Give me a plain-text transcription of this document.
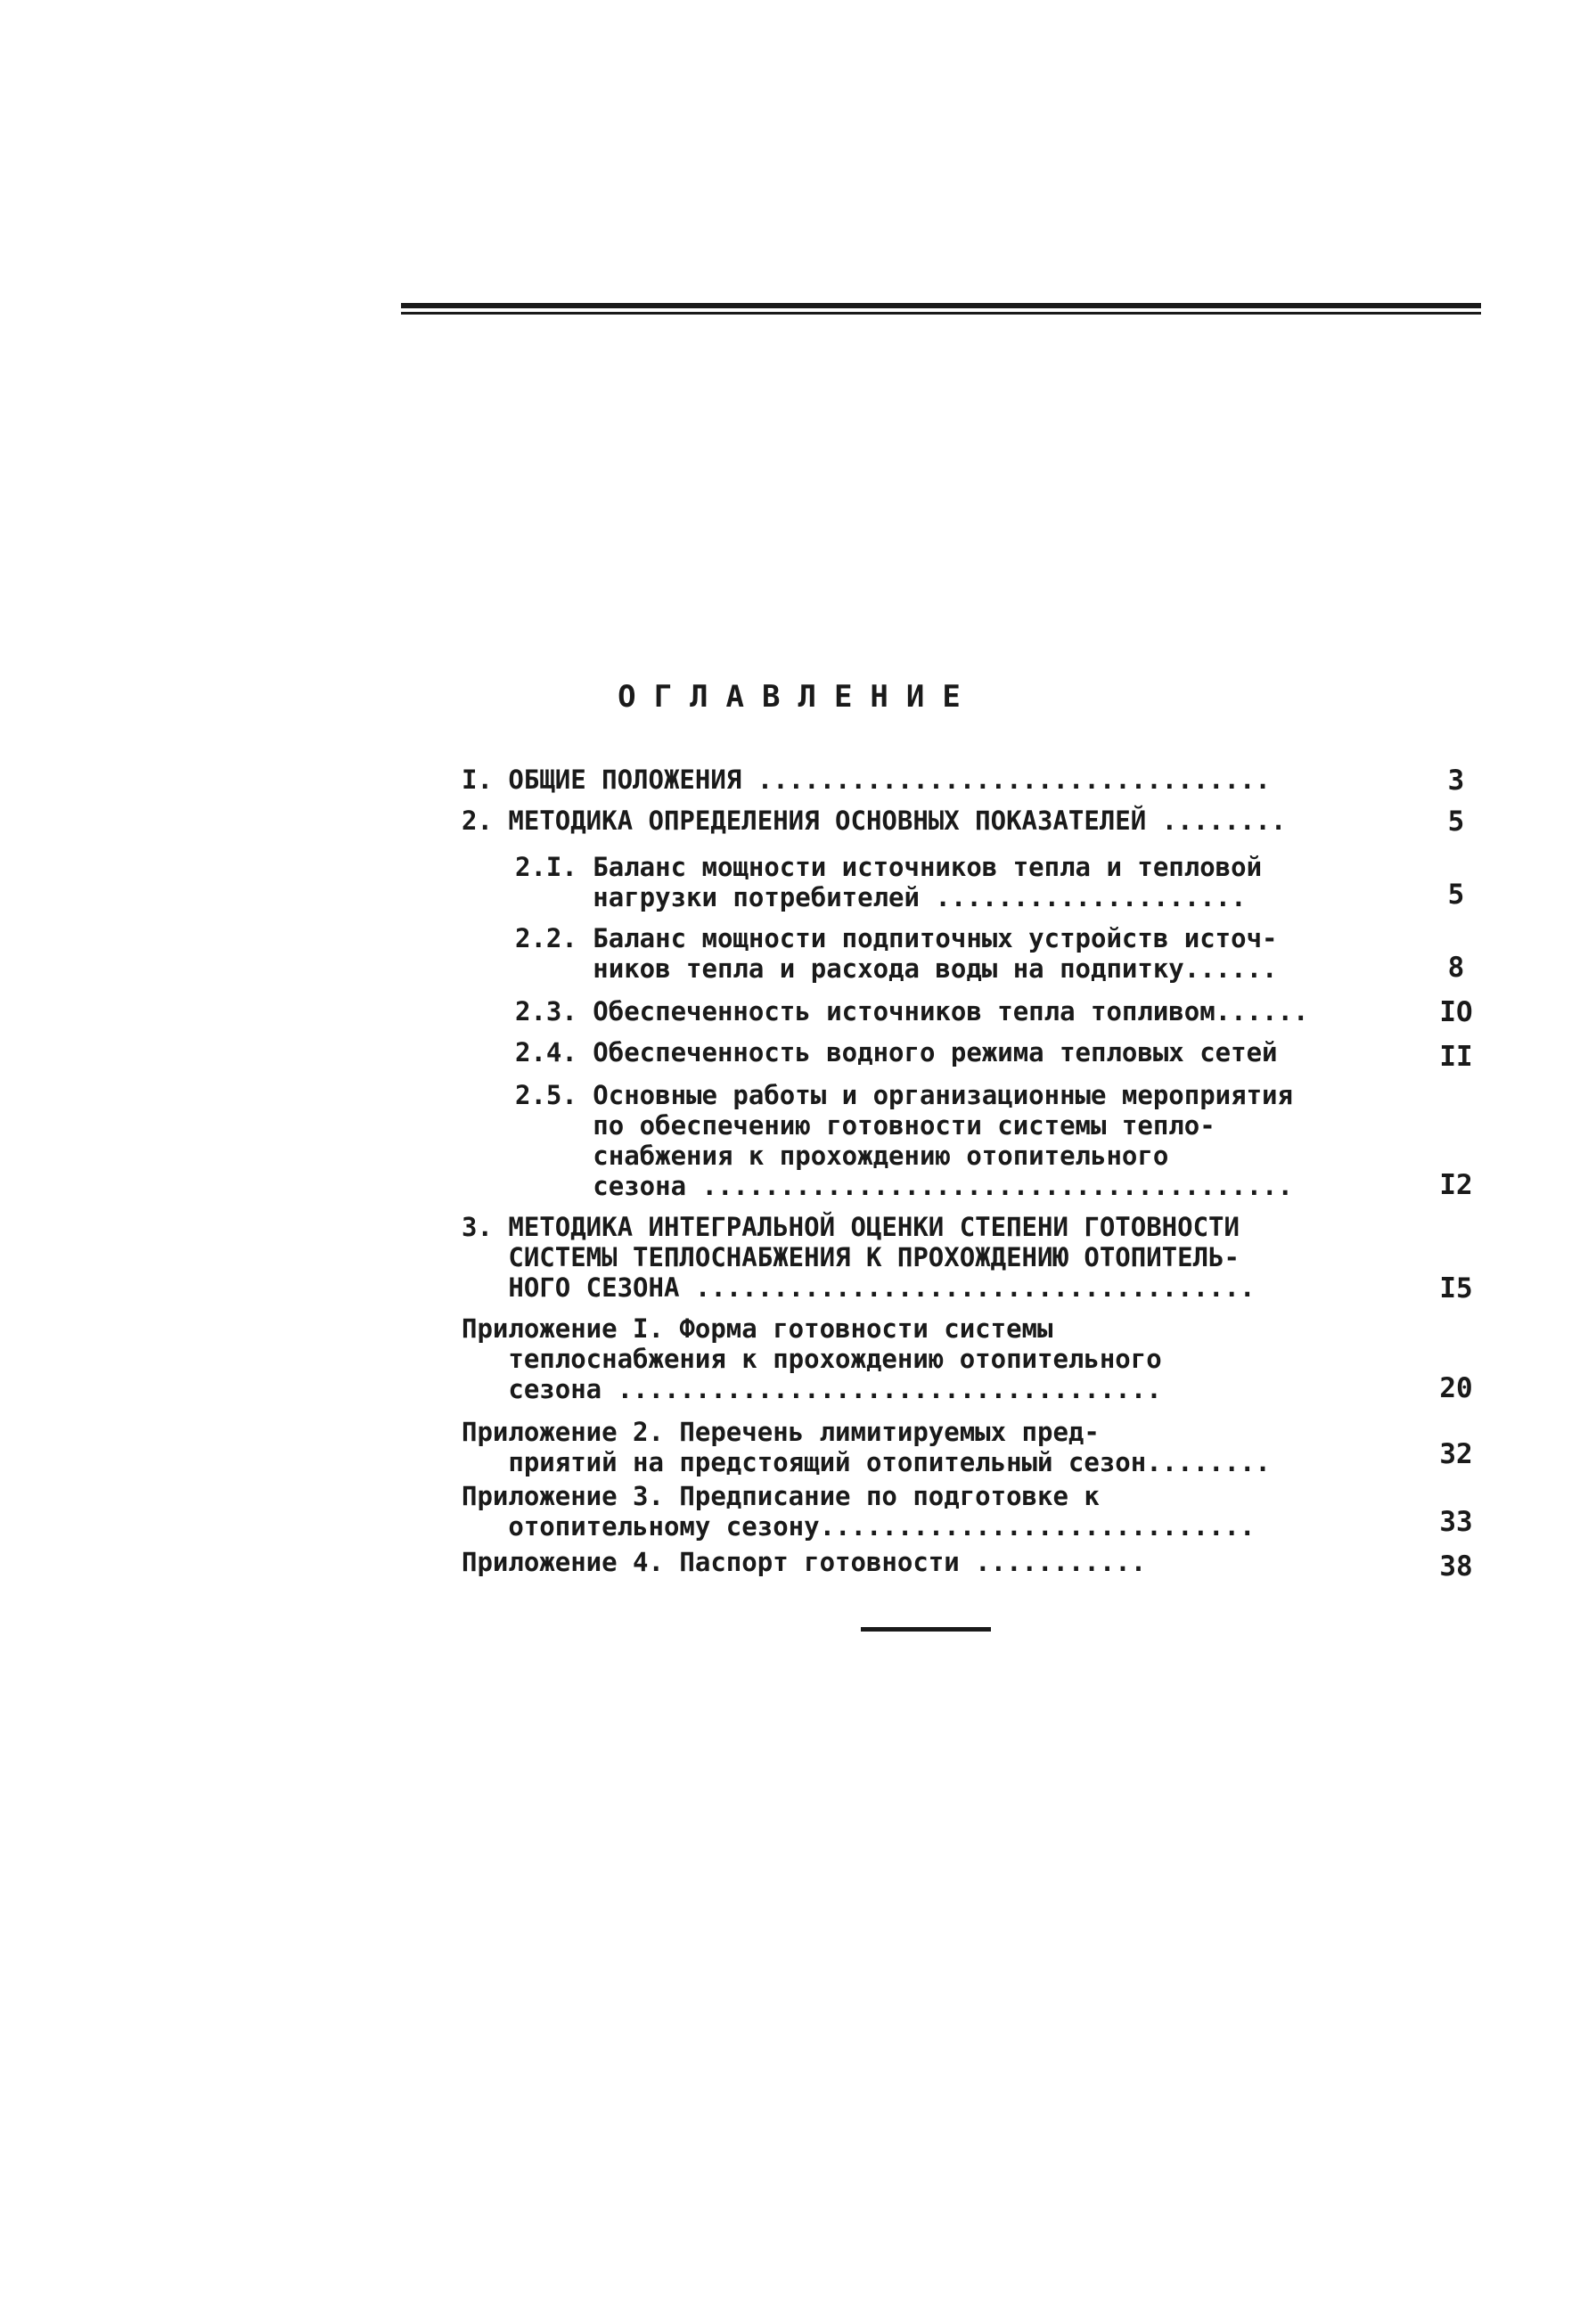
ОГЛАВЛЕНИЕ
I. ОБЩИЕ ПОЛОЖЕНИЯ .................................	3
2. МЕТОДИКА ОПРЕДЕЛЕНИЯ ОСНОВНЫХ ПОКАЗАТЕЛЕЙ ........	5
2.I. Баланс мощности источников тепла и тепловой
нагрузки потребителей ....................	5
2.2. Баланс мощности подпиточных устройств источ-
ников тепла и расхода воды на подпитку......	8
2.3. Обеспеченность источников тепла топливом......	IO
2.4. Обеспеченность водного режима тепловых сетей	II
2.5. Основные работы и организационные мероприятия
по обеспечению готовности системы тепло-
снабжения к прохождению отопительного
сезона ......................................	I2
3. МЕТОДИКА ИНТЕГРАЛЬНОЙ ОЦЕНКИ СТЕПЕНИ ГОТОВНОСТИ
СИСТЕМЫ ТЕПЛОСНАБЖЕНИЯ К ПРОХОЖДЕНИЮ ОТОПИТЕЛЬ-
НОГО СЕЗОНА ....................................	I5
Приложение I. Форма готовности системы
теплоснабжения к прохождению отопительного
сезона ...................................	20
Приложение 2. Перечень лимитируемых пред-
приятий на предстоящий отопительный сезон........	32
Приложение 3. Предписание по подготовке к
отопительному сезону............................	33
Приложение 4. Паспорт готовности ...........	38
